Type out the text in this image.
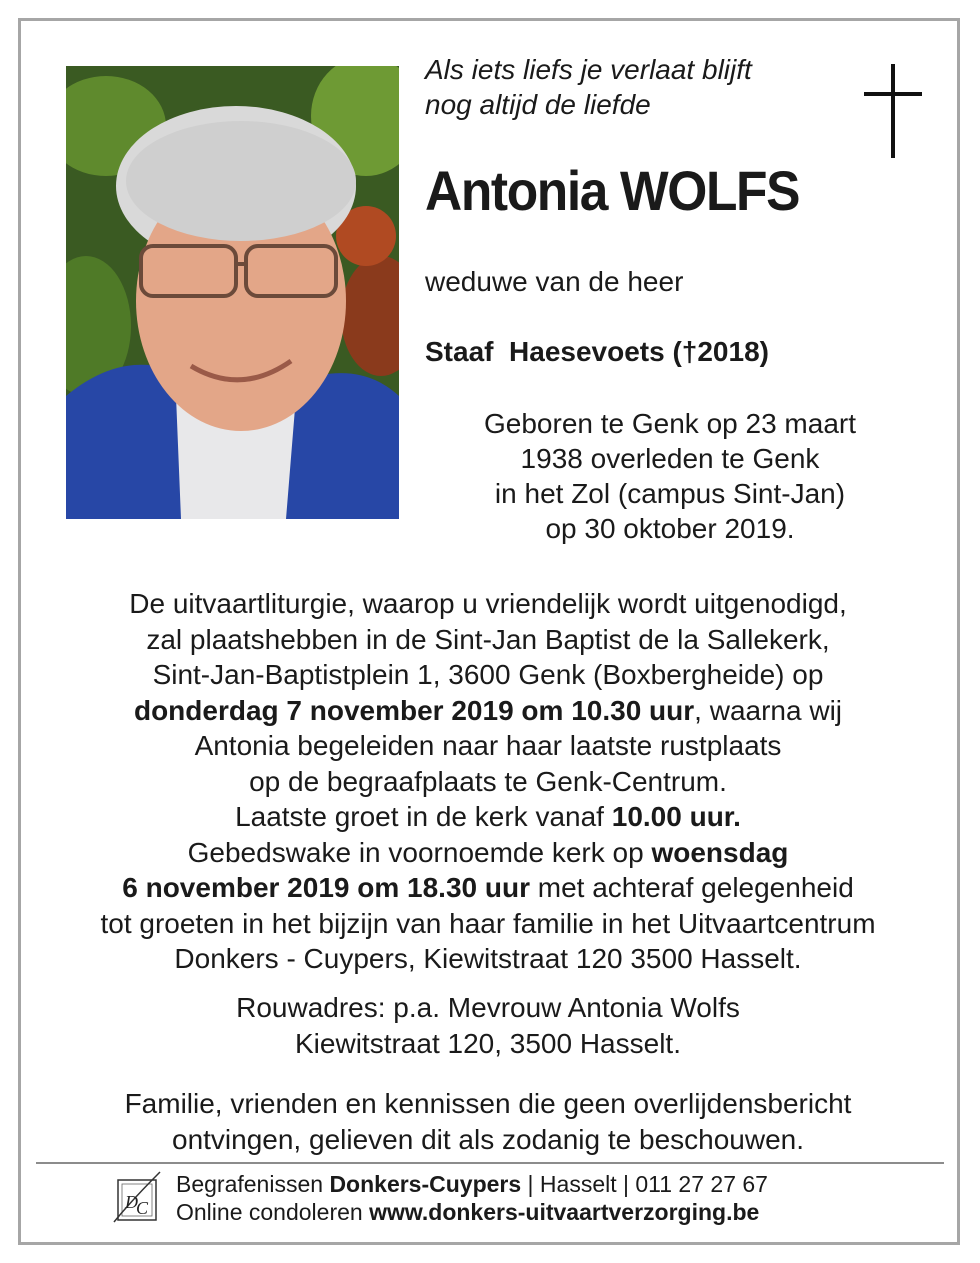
Als iets liefs je verlaat blijft
nog altijd de liefde
Antonia WOLFS
weduwe van de heer
Staaf  Haesevoets (†2018)
Geboren te Genk op 23 maart
1938 overleden te Genk
in het Zol (campus Sint-Jan)
op 30 oktober 2019.
De uitvaartliturgie, waarop u vriendelijk wordt uitgenodigd,
zal plaatshebben in de Sint-Jan Baptist de la Sallekerk,
Sint-Jan-Baptistplein 1, 3600 Genk (Boxbergheide) op
donderdag 7 november 2019 om 10.30 uur, waarna wij
Antonia begeleiden naar haar laatste rustplaats
op de begraafplaats te Genk-Centrum.
Laatste groet in de kerk vanaf 10.00 uur.
Gebedswake in voornoemde kerk op woensdag
6 november 2019 om 18.30 uur met achteraf gelegenheid
tot groeten in het bijzijn van haar familie in het Uitvaartcentrum
Donkers - Cuypers, Kiewitstraat 120 3500 Hasselt.
Rouwadres: p.a. Mevrouw Antonia Wolfs
Kiewitstraat 120, 3500 Hasselt.
Familie, vrienden en kennissen die geen overlijdensbericht
ontvingen, gelieven dit als zodanig te beschouwen.
D
C
Begrafenissen Donkers-Cuypers | Hasselt | 011 27 27 67
Online condoleren www.donkers-uitvaartverzorging.be
